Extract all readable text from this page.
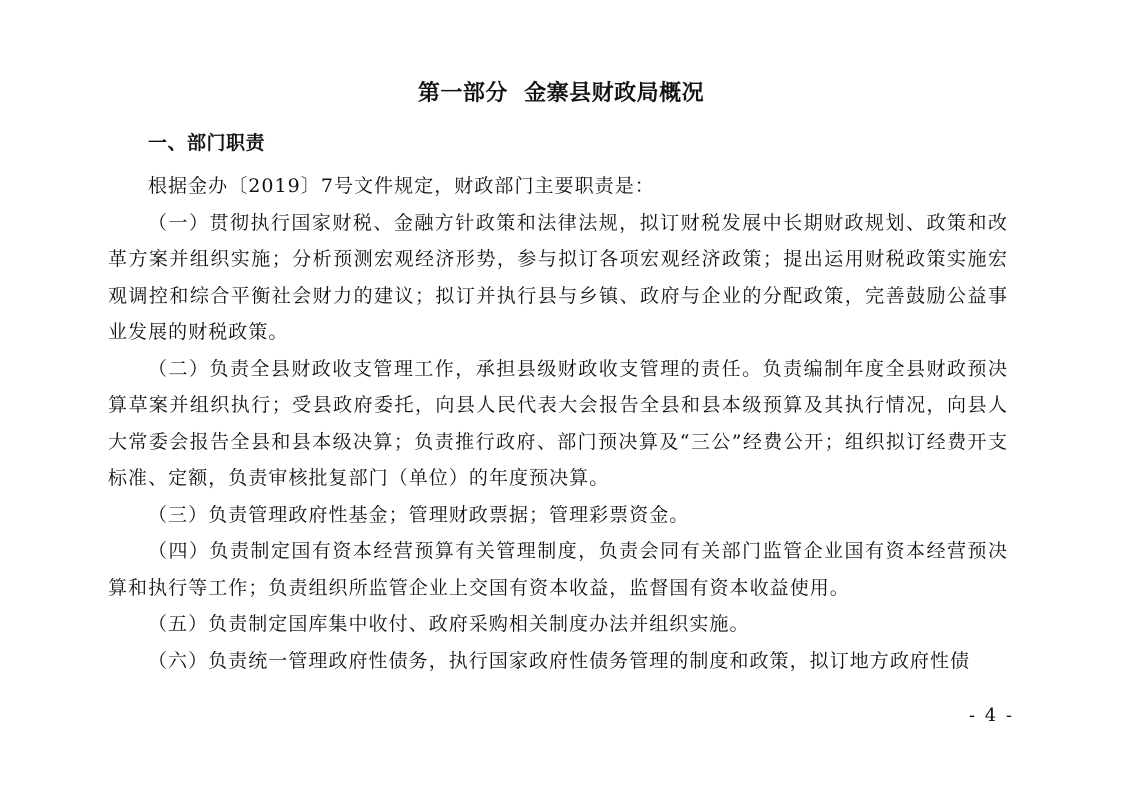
第一部分  金寨县财政局概况
一、部门职责

根据金办〔2019〕7号文件规定，财政部门主要职责是：

（一）贯彻执行国家财税、金融方针政策和法律法规，拟订财税发展中长期财政规划、政策和改革方案并组织实施；分析预测宏观经济形势，参与拟订各项宏观经济政策；提出运用财税政策实施宏观调控和综合平衡社会财力的建议；拟订并执行县与乡镇、政府与企业的分配政策，完善鼓励公益事业发展的财税政策。

（二）负责全县财政收支管理工作，承担县级财政收支管理的责任。负责编制年度全县财政预决算草案并组织执行；受县政府委托，向县人民代表大会报告全县和县本级预算及其执行情况，向县人大常委会报告全县和县本级决算；负责推行政府、部门预决算及“三公”经费公开；组织拟订经费开支标准、定额，负责审核批复部门（单位）的年度预决算。

（三）负责管理政府性基金；管理财政票据；管理彩票资金。

（四）负责制定国有资本经营预算有关管理制度，负责会同有关部门监管企业国有资本经营预决算和执行等工作；负责组织所监管企业上交国有资本收益，监督国有资本收益使用。

（五）负责制定国库集中收付、政府采购相关制度办法并组织实施。

（六）负责统一管理政府性债务，执行国家政府性债务管理的制度和政策，拟订地方政府性债

- 4 -
